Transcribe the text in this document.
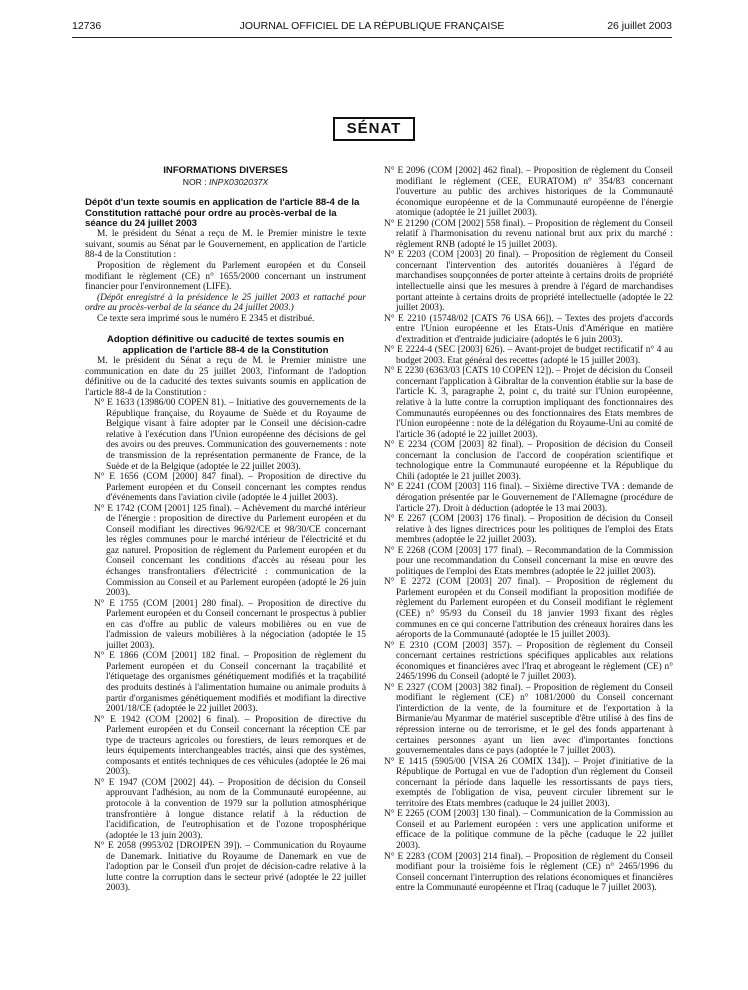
12736	JOURNAL OFFICIEL DE LA RÉPUBLIQUE FRANÇAISE	26 juillet 2003
SÉNAT

INFORMATIONS DIVERSES

NOR : INPX0302037X

Dépôt d'un texte soumis en application de l'article 88-4 de la Constitution rattaché pour ordre au procès-verbal de la séance du 24 juillet 2003

M. le président du Sénat a reçu de M. le Premier ministre le texte suivant, soumis au Sénat par le Gouvernement, en application de l'article 88-4 de la Constitution :

Proposition de règlement du Parlement européen et du Conseil modifiant le règlement (CE) n° 1655/2000 concernant un instrument financier pour l'environnement (LIFE).

(Dépôt enregistré à la présidence le 25 juillet 2003 et rattaché pour ordre au procès-verbal de la séance du 24 juillet 2003.)

Ce texte sera imprimé sous le numéro E 2345 et distribué.

Adoption définitive ou caducité de textes soumis en application de l'article 88-4 de la Constitution

M. le président du Sénat a reçu de M. le Premier ministre une communication en date du 25 juillet 2003, l'informant de l'adoption définitive ou de la caducité des textes suivants soumis en application de l'article 88-4 de la Constitution :

N° E 1633 (13986/00 COPEN 81). – Initiative des gouvernements de la République française, du Royaume de Suède et du Royaume de Belgique visant à faire adopter par le Conseil une décision-cadre relative à l'exécution dans l'Union européenne des décisions de gel des avoirs ou des preuves. Communication des gouvernements : note de transmission de la représentation permanente de France, de la Suède et de la Belgique (adoptée le 22 juillet 2003).

N° E 1656 (COM [2000] 847 final). – Proposition de directive du Parlement européen et du Conseil concernant les comptes rendus d'événements dans l'aviation civile (adoptée le 4 juillet 2003).

N° E 1742 (COM [2001] 125 final). – Achèvement du marché intérieur de l'énergie : proposition de directive du Parlement européen et du Conseil modifiant les directives 96/92/CE et 98/30/CE concernant les règles communes pour le marché intérieur de l'électricité et du gaz naturel. Proposition de règlement du Parlement européen et du Conseil concernant les conditions d'accès au réseau pour les échanges transfrontaliers d'électricité : communication de la Commission au Conseil et au Parlement européen (adopté le 26 juin 2003).

N° E 1755 (COM [2001] 280 final). – Proposition de directive du Parlement européen et du Conseil concernant le prospectus à publier en cas d'offre au public de valeurs mobilières ou en vue de l'admission de valeurs mobilières à la négociation (adoptée le 15 juillet 2003).

N° E 1866 (COM [2001] 182 final. – Proposition de règlement du Parlement européen et du Conseil concernant la traçabilité et l'étiquetage des organismes génétiquement modifiés et la traçabilité des produits destinés à l'alimentation humaine ou animale produits à partir d'organismes génétiquement modifiés et modifiant la directive 2001/18/CE (adoptée le 22 juillet 2003).

N° E 1942 (COM [2002] 6 final). – Proposition de directive du Parlement européen et du Conseil concernant la réception CE par type de tracteurs agricoles ou forestiers, de leurs remorques et de leurs équipements interchangeables tractés, ainsi que des systèmes, composants et entités techniques de ces véhicules (adoptée le 26 mai 2003).

N° E 1947 (COM [2002] 44). – Proposition de décision du Conseil approuvant l'adhésion, au nom de la Communauté européenne, au protocole à la convention de 1979 sur la pollution atmosphérique transfrontière à longue distance relatif à la réduction de l'acidification, de l'eutrophisation et de l'ozone troposphérique (adoptée le 13 juin 2003).

N° E 2058 (9953/02 [DROIPEN 39]). – Communication du Royaume de Danemark. Initiative du Royaume de Danemark en vue de l'adoption par le Conseil d'un projet de décision-cadre relative à la lutte contre la corruption dans le secteur privé (adoptée le 22 juillet 2003).

N° E 2096 (COM [2002] 462 final). – Proposition de règlement du Conseil modifiant le règlement (CEE, EURATOM) n° 354/83 concernant l'ouverture au public des archives historiques de la Communauté économique européenne et de la Communauté européenne de l'énergie atomique (adoptée le 21 juillet 2003).

N° E 21290 (COM [2002] 558 final). – Proposition de règlement du Conseil relatif à l'harmonisation du revenu national brut aux prix du marché : règlement RNB (adopté le 15 juillet 2003).

N° E 2203 (COM [2003] 20 final). – Proposition de règlement du Conseil concernant l'intervention des autorités douanières à l'égard de marchandises soupçonnées de porter atteinte à certains droits de propriété intellectuelle ainsi que les mesures à prendre à l'égard de marchandises portant atteinte à certains droits de propriété intellectuelle (adoptée le 22 juillet 2003).

N° E 2210 (15748/02 [CATS 76 USA 66]). – Textes des projets d'accords entre l'Union européenne et les Etats-Unis d'Amérique en matière d'extradition et d'entraide judiciaire (adoptés le 6 juin 2003).

N° E 2224-4 (SEC [2003] 626). – Avant-projet de budget rectificatif n° 4 au budget 2003. Etat général des recettes (adopté le 15 juillet 2003).

N° E 2230 (6363/03 [CATS 10 COPEN 12]). – Projet de décision du Conseil concernant l'application à Gibraltar de la convention établie sur la base de l'article K. 3, paragraphe 2, point c, du traité sur l'Union européenne, relative à la lutte contre la corruption impliquant des fonctionnaires des Communautés européennes ou des fonctionnaires des Etats membres de l'Union européenne : note de la délégation du Royaume-Uni au comité de l'article 36 (adopté le 22 juillet 2003).

N° E 2234 (COM [2003] 82 final). – Proposition de décision du Conseil concernant la conclusion de l'accord de coopération scientifique et technologique entre la Communauté européenne et la République du Chili (adoptée le 21 juillet 2003).

N° E 2241 (COM [2003] 116 final). – Sixième directive TVA : demande de dérogation présentée par le Gouvernement de l'Allemagne (procédure de l'article 27). Droit à déduction (adoptée le 13 mai 2003).

N° E 2267 (COM [2003] 176 final). – Proposition de décision du Conseil relative à des lignes directrices pour les politiques de l'emploi des Etats membres (adoptée le 22 juillet 2003).

N° E 2268 (COM [2003] 177 final). – Recommandation de la Commission pour une recommandation du Conseil concernant la mise en œuvre des politiques de l'emploi des Etats membres (adoptée le 22 juillet 2003).

N° E 2272 (COM [2003] 207 final). – Proposition de règlement du Parlement européen et du Conseil modifiant la proposition modifiée de règlement du Parlement européen et du Conseil modifiant le règlement (CEE) n° 95/93 du Conseil du 18 janvier 1993 fixant des règles communes en ce qui concerne l'attribution des créneaux horaires dans les aéroports de la Communauté (adoptée le 15 juillet 2003).

N° E 2310 (COM [2003] 357). – Proposition de règlement du Conseil concernant certaines restrictions spécifiques applicables aux relations économiques et financières avec l'Iraq et abrogeant le règlement (CE) n° 2465/1996 du Conseil (adopté le 7 juillet 2003).

N° E 2327 (COM [2003] 382 final). – Proposition de règlement du Conseil modifiant le règlement (CE) n° 1081/2000 du Conseil concernant l'interdiction de la vente, de la fourniture et de l'exportation à la Birmanie/au Myanmar de matériel susceptible d'être utilisé à des fins de répression interne ou de terrorisme, et le gel des fonds appartenant à certaines personnes ayant un lien avec d'importantes fonctions gouvernementales dans ce pays (adoptée le 7 juillet 2003).

N° E 1415 (5905/00 [VISA 26 COMIX 134]). – Projet d'initiative de la République de Portugal en vue de l'adoption d'un règlement du Conseil concernant la période dans laquelle les ressortissants de pays tiers, exemptés de l'obligation de visa, peuvent circuler librement sur le territoire des Etats membres (caduque le 24 juillet 2003).

N° E 2265 (COM [2003] 130 final). – Communication de la Commission au Conseil et au Parlement européen : vers une application uniforme et efficace de la politique commune de la pêche (caduque le 22 juillet 2003).

N° E 2283 (COM [2003] 214 final). – Proposition de règlement du Conseil modifiant pour la troisième fois le règlement (CE) n° 2465/1996 du Conseil concernant l'interruption des relations économiques et financières entre la Communauté européenne et l'Iraq (caduque le 7 juillet 2003).
